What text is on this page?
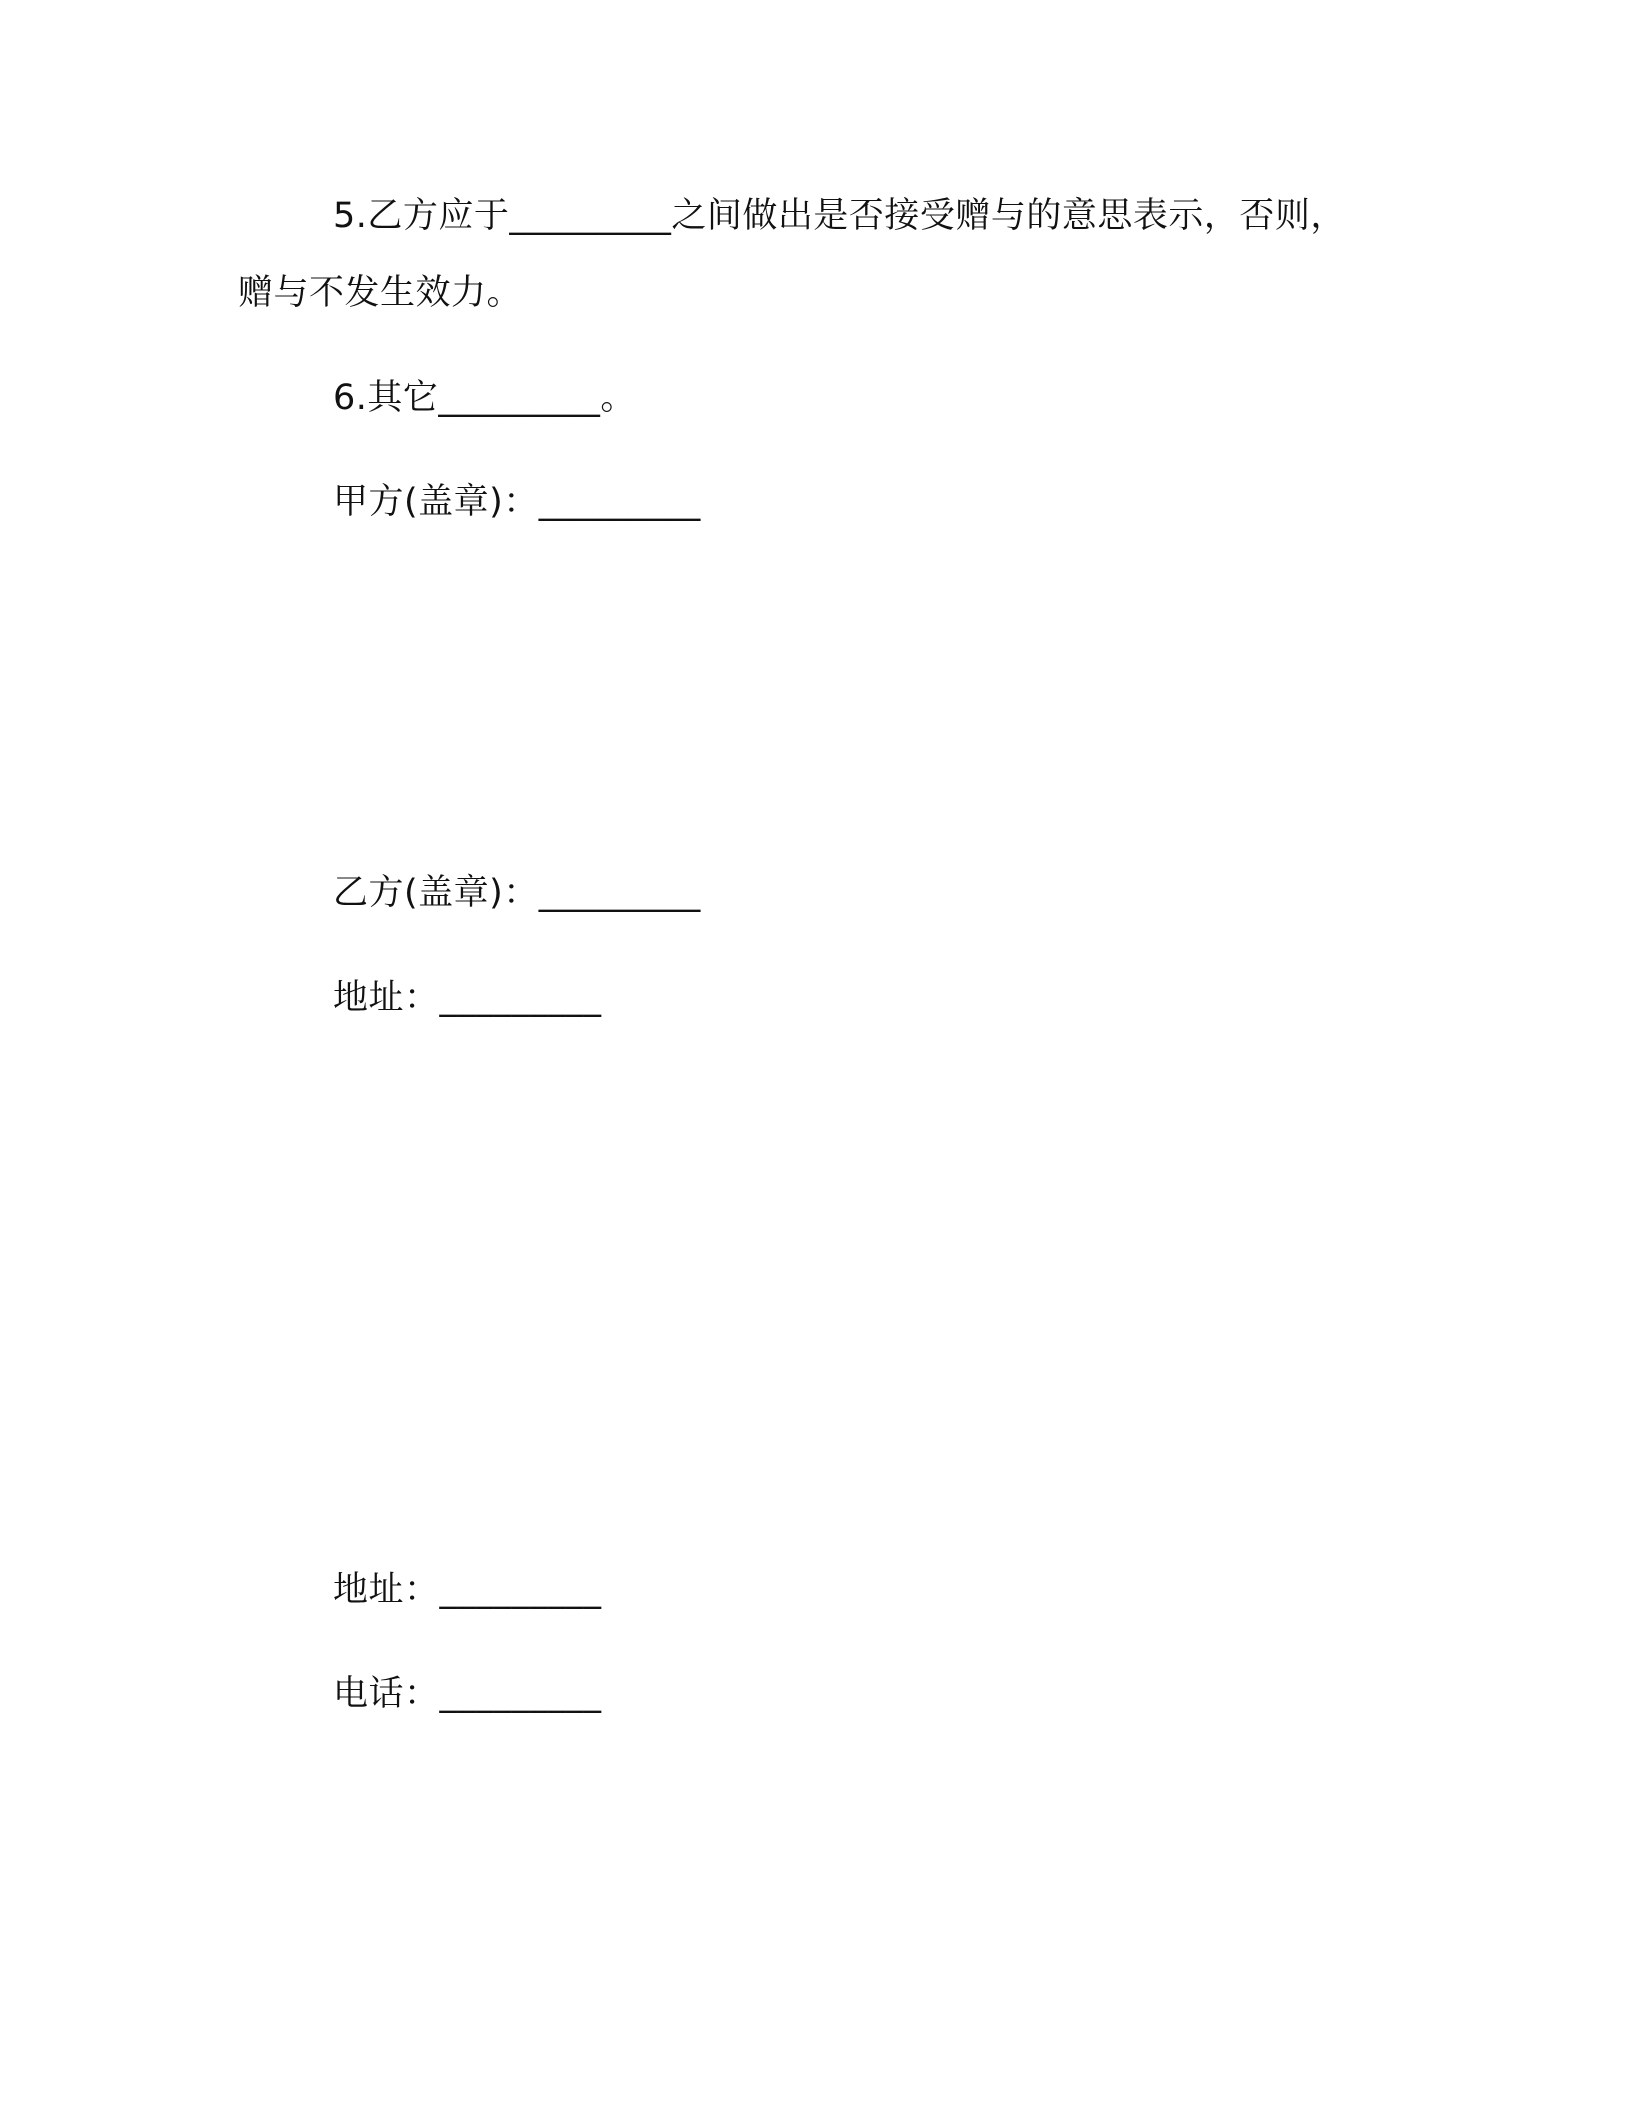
5.乙方应于_________之间做出是否接受赠与的意思表示，否则，
赠与不发生效力。
6.其它_________。
甲方(盖章)：_________
乙方(盖章)：_________
地址：_________
地址：_________
电话：_________
